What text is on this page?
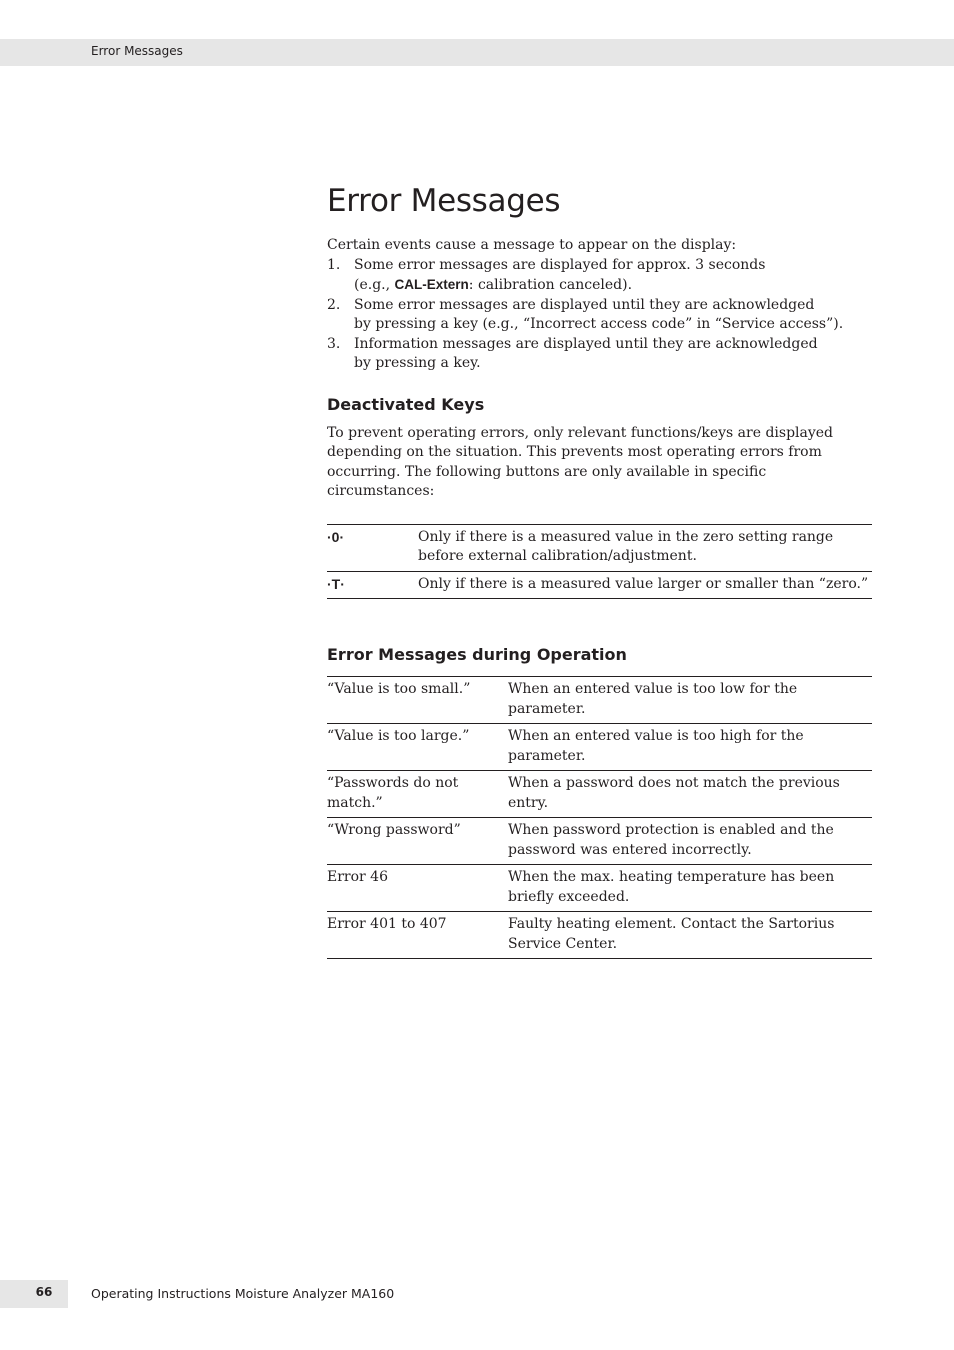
Error Messages
Error Messages
Certain events cause a message to appear on the display:
1. Some error messages are displayed for approx. 3 seconds
(e.g., CAL-Extern: calibration canceled).
2. Some error messages are displayed until they are acknowledged
by pressing a key (e.g., “Incorrect access code” in “Service access”).
3. Information messages are displayed until they are acknowledged
by pressing a key.
Deactivated Keys
To prevent operating errors, only relevant functions/keys are displayed depending on the situation. This prevents most operating errors from occurring. The following buttons are only available in specific circumstances:
·0·	Only if there is a measured value in the zero setting range before external calibration/adjustment.
·T·	Only if there is a measured value larger or smaller than “zero.”
Error Messages during Operation
“Value is too small.”	When an entered value is too low for the parameter.
“Value is too large.”	When an entered value is too high for the parameter.
“Passwords do not match.”	When a password does not match the previous entry.
“Wrong password”	When password protection is enabled and the password was entered incorrectly.
Error 46	When the max. heating temperature has been briefly exceeded.
Error 401 to 407	Faulty heating element. Contact the Sartorius Service Center.
66	Operating Instructions Moisture Analyzer MA160
